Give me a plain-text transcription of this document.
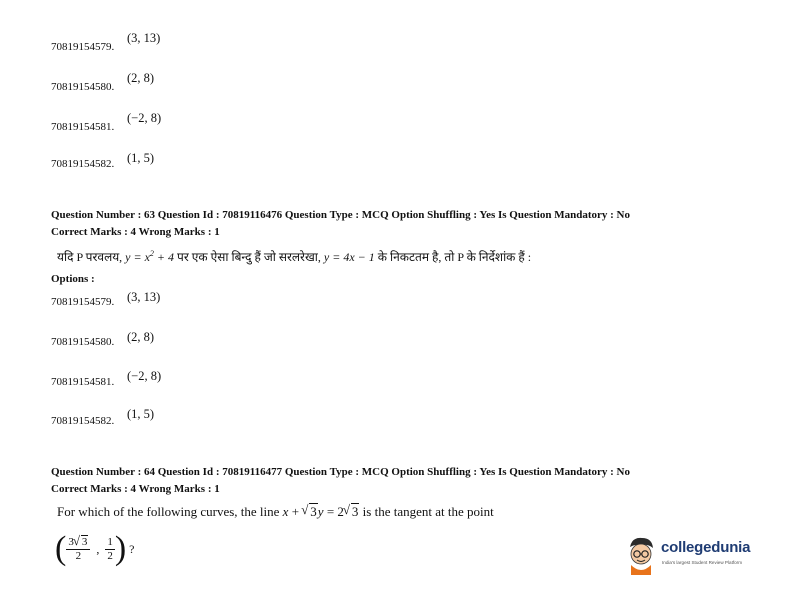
70819154579.
(3, 13)
70819154580.
(2, 8)
70819154581.
(−2, 8)
70819154582. (1, 5)
Question Number : 63 Question Id : 70819116476 Question Type : MCQ Option Shuffling : Yes Is Question Mandatory : No
Correct Marks : 4 Wrong Marks : 1
यदि P परवलय, $y = x^2 + 4$ पर एक ऐसा बिन्दु हैं जो सरलरेखा, y = 4x − 1 के निकटतम है, तो P के निर्देशांक हैं :
Options :
70819154579. (3, 13)
70819154580. (2, 8)
70819154581. (−2, 8)
70819154582. (1, 5)
Question Number : 64 Question Id : 70819116477 Question Type : MCQ Option Shuffling : Yes Is Question Mandatory : No
Correct Marks : 4 Wrong Marks : 1
For which of the following curves, the line x + √ 3y = 2 √ 3 is the tangent at the point
( $\frac{3 √ 3}{2}$ , $\frac{1}{2}$ ) ?	collegedunia
India's largest Student Review Platform
